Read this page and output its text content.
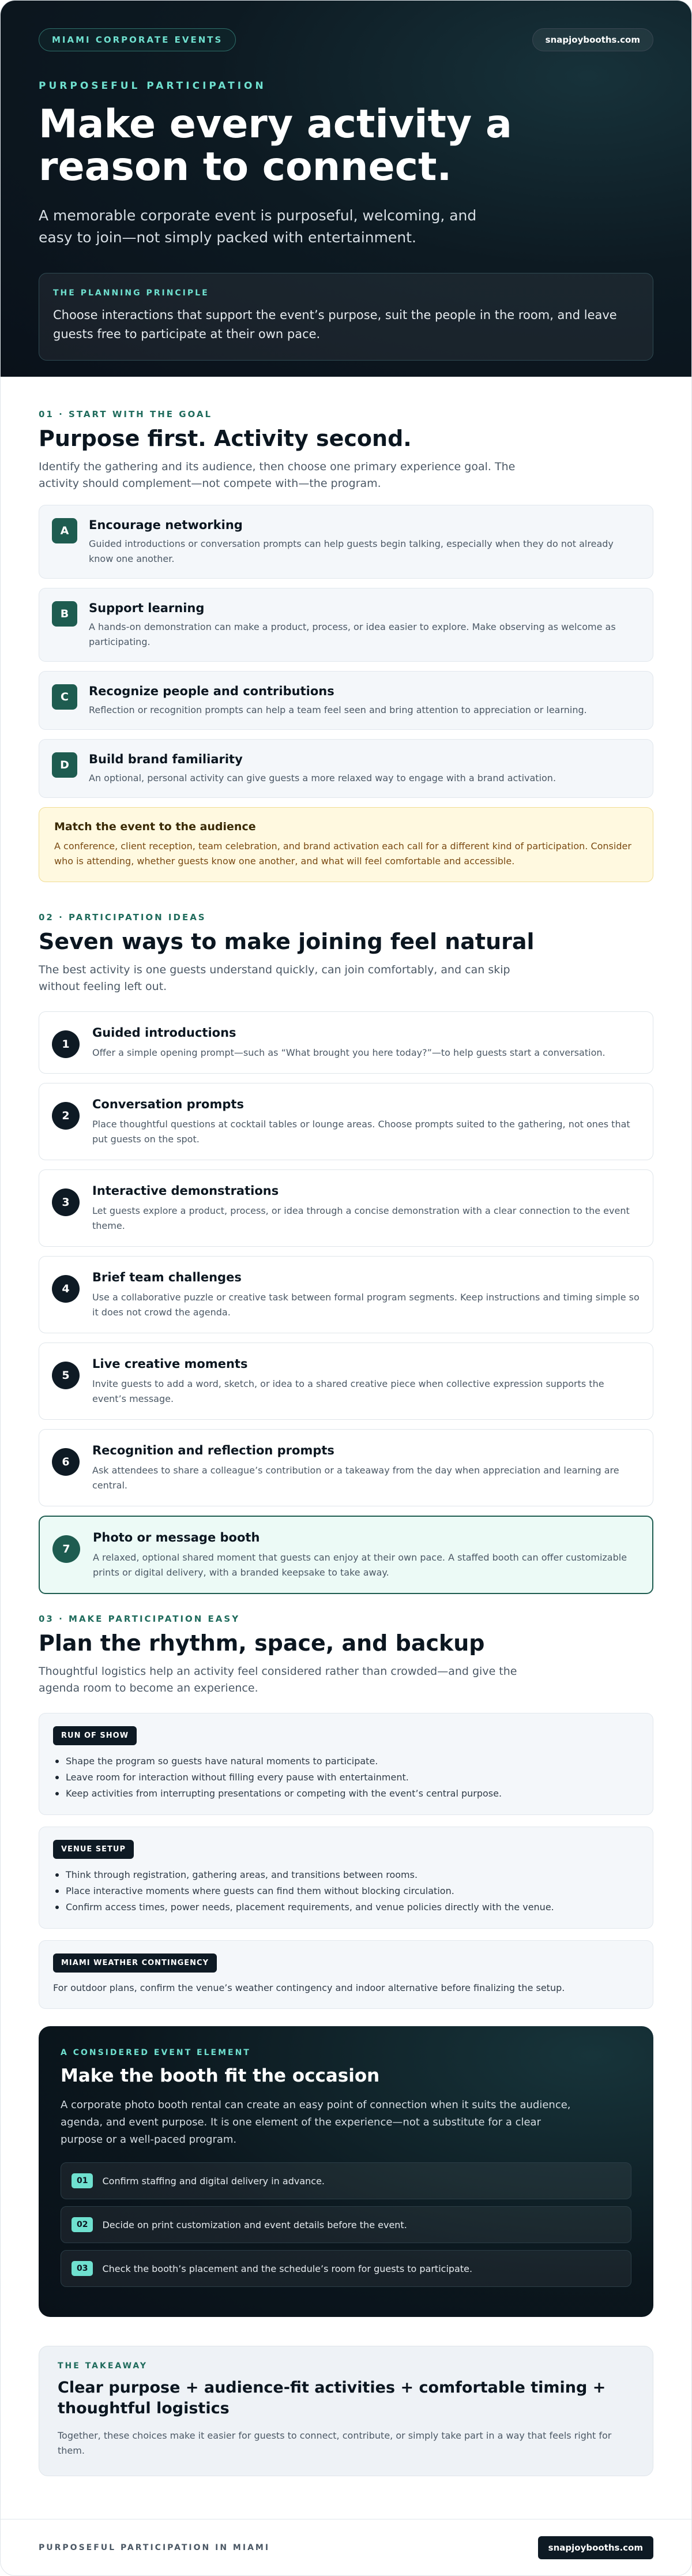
MIAMI CORPORATE EVENTS	snapjoybooths.com
PURPOSEFUL PARTICIPATION
Make every activity a reason to connect.

A memorable corporate event is purposeful, welcoming, and easy to join—not simply packed with entertainment.

THE PLANNING PRINCIPLE
Choose interactions that support the event’s purpose, suit the people in the room, and leave guests free to participate at their own pace.
01 · START WITH THE GOAL
Purpose first. Activity second.

Identify the gathering and its audience, then choose one primary experience goal. The activity should complement—not compete with—the program.

A	Encourage networking
Guided introductions or conversation prompts can help guests begin talking, especially when they do not already know one another.
B	Support learning
A hands-on demonstration can make a product, process, or idea easier to explore. Make observing as welcome as participating.
C	Recognize people and contributions
Reflection or recognition prompts can help a team feel seen and bring attention to appreciation or learning.
D	Build brand familiarity
An optional, personal activity can give guests a more relaxed way to engage with a brand activation.
Match the event to the audience
A conference, client reception, team celebration, and brand activation each call for a different kind of participation. Consider who is attending, whether guests know one another, and what will feel comfortable and accessible.
02 · PARTICIPATION IDEAS
Seven ways to make joining feel natural

The best activity is one guests understand quickly, can join comfortably, and can skip without feeling left out.

1
Guided introductions
Offer a simple opening prompt—such as “What brought you here today?”—to help guests start a conversation.
2
Conversation prompts
Place thoughtful questions at cocktail tables or lounge areas. Choose prompts suited to the gathering, not ones that put guests on the spot.
3
Interactive demonstrations
Let guests explore a product, process, or idea through a concise demonstration with a clear connection to the event theme.
4
Brief team challenges
Use a collaborative puzzle or creative task between formal program segments. Keep instructions and timing simple so it does not crowd the agenda.
5
Live creative moments
Invite guests to add a word, sketch, or idea to a shared creative piece when collective expression supports the event’s message.
6
Recognition and reflection prompts
Ask attendees to share a colleague’s contribution or a takeaway from the day when appreciation and learning are central.
7
Photo or message booth
A relaxed, optional shared moment that guests can enjoy at their own pace. A staffed booth can offer customizable prints or digital delivery, with a branded keepsake to take away.
03 · MAKE PARTICIPATION EASY
Plan the rhythm, space, and backup

Thoughtful logistics help an activity feel considered rather than crowded—and give the agenda room to become an experience.

RUN OF SHOW
Shape the program so guests have natural moments to participate.
Leave room for interaction without filling every pause with entertainment.
Keep activities from interrupting presentations or competing with the event’s central purpose.
VENUE SETUP
Think through registration, gathering areas, and transitions between rooms.
Place interactive moments where guests can find them without blocking circulation.
Confirm access times, power needs, placement requirements, and venue policies directly with the venue.
MIAMI WEATHER CONTINGENCY
For outdoor plans, confirm the venue’s weather contingency and indoor alternative before finalizing the setup.
A CONSIDERED EVENT ELEMENT
Make the booth fit the occasion
A corporate photo booth rental can create an easy point of connection when it suits the audience, agenda, and event purpose. It is one element of the experience—not a substitute for a clear purpose or a well-paced program.
01	Confirm staffing and digital delivery in advance.
02	Decide on print customization and event details before the event.
03	Check the booth’s placement and the schedule’s room for guests to participate.
THE TAKEAWAY
Clear purpose + audience-fit activities + comfortable timing + thoughtful logistics
Together, these choices make it easier for guests to connect, contribute, or simply take part in a way that feels right for them.
PURPOSEFUL PARTICIPATION IN MIAMI	snapjoybooths.com
